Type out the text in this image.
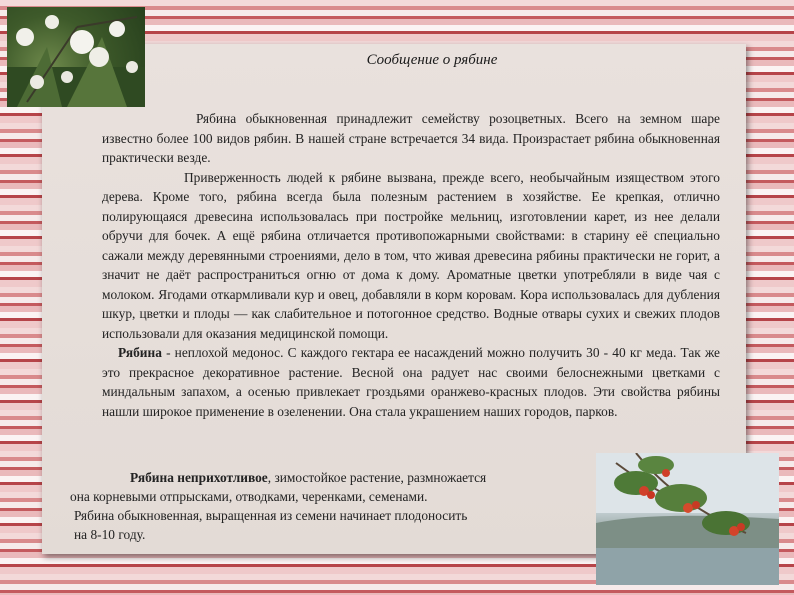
Сообщение о рябине

Рябина обыкновенная принадлежит семейству розоцветных. Всего на земном шаре известно более 100 видов рябин. В нашей стране встречается 34 вида. Произрастает рябина обыкновенная практически везде.

Приверженность людей к рябине вызвана, прежде всего, необычайным изяществом этого дерева. Кроме того, рябина всегда была полезным растением в хозяйстве. Ее крепкая, отлично полирующаяся древесина использовалась при постройке мельниц, изготовлении карет, из нее делали обручи для бочек. А ещё рябина отличается противопожарными свойствами: в старину её специально сажали между деревянными строениями, дело в том, что живая древесина рябины практически не горит, а значит не даёт распространиться огню от дома к дому. Ароматные цветки употребляли в виде чая с молоком. Ягодами откармливали кур и овец, добавляли в корм коровам. Кора использовалась для дубления шкур, цветки и плоды — как слабительное и потогонное средство. Водные отвары сухих и свежих плодов использовали для оказания медицинской помощи.

Рябина - неплохой медонос. С каждого гектара ее насаждений можно получить 30 - 40 кг меда. Так же это прекрасное декоративное растение. Весной она радует нас своими белоснежными цветками с миндальным запахом, а осенью привлекает гроздьями оранжево-красных плодов. Эти свойства рябины нашли широкое применение в озеленении. Она стала украшением наших городов, парков.

Рябина неприхотливое, зимостойкое растение, размножается
она корневыми отпрысками, отводками, черенками, семенами.
Рябина обыкновенная, выращенная из семени начинает плодоносить
на 8-10 году.
